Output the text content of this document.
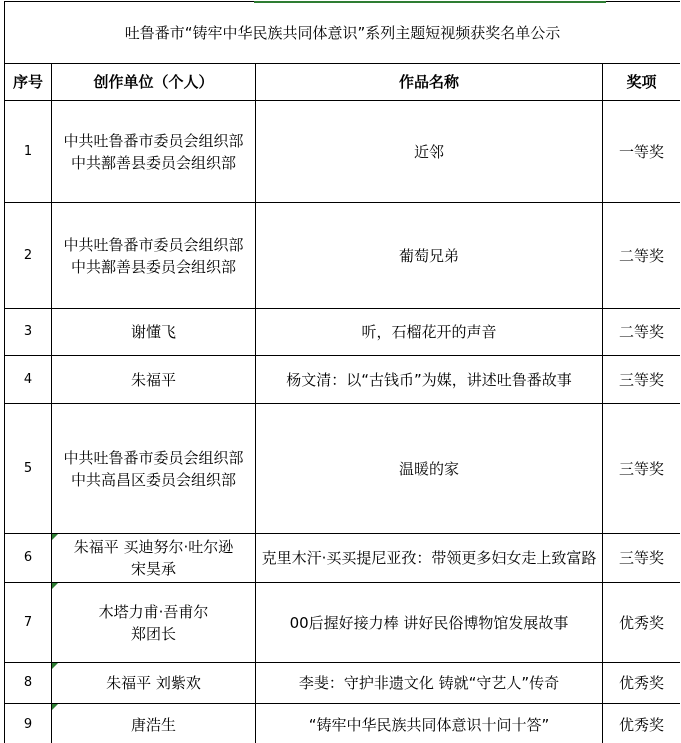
吐鲁番市“铸牢中华民族共同体意识”系列主题短视频获奖名单公示			
序号	创作单位（个人）	作品名称	奖项
1	中共吐鲁番市委员会组织部
中共鄯善县委员会组织部	近邻	一等奖
2	中共吐鲁番市委员会组织部
中共鄯善县委员会组织部	葡萄兄弟	二等奖
3	谢懂飞	听，石榴花开的声音	二等奖
4	朱福平	杨文清：以“古钱币”为媒，讲述吐鲁番故事	三等奖
5	中共吐鲁番市委员会组织部
中共高昌区委员会组织部	温暖的家	三等奖
6	朱福平 买迪努尔·吐尔逊
宋昊承	克里木汗·买买提尼亚孜：带领更多妇女走上致富路	三等奖
7	木塔力甫·吾甫尔
郑团长	00后握好接力棒 讲好民俗博物馆发展故事	优秀奖
8	朱福平 刘紫欢	李斐：守护非遗文化 铸就“守艺人”传奇	优秀奖
9	唐浩生	“铸牢中华民族共同体意识十问十答”	优秀奖
